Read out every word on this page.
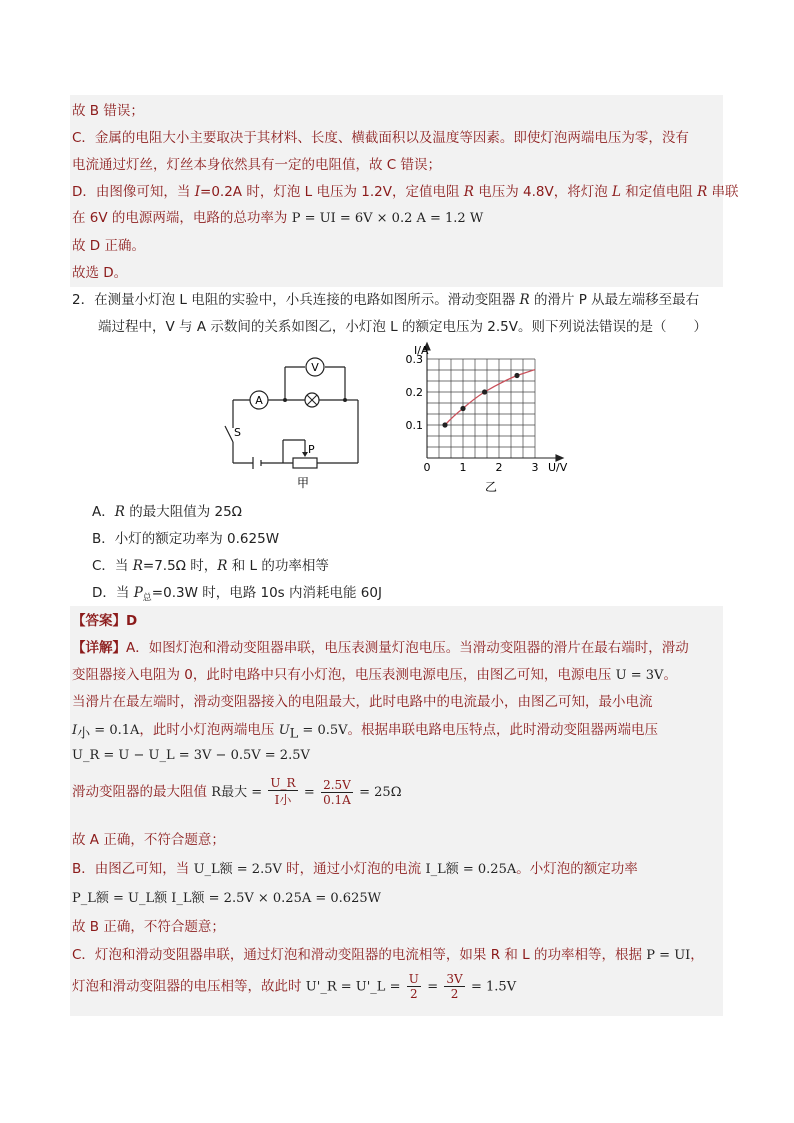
故 B 错误；
C．金属的电阻大小主要取决于其材料、长度、横截面积以及温度等因素。即使灯泡两端电压为零，没有
电流通过灯丝，灯丝本身依然具有一定的电阻值，故 C 错误；
D．由图像可知，当 I=0.2A 时，灯泡 L 电压为 1.2V，定值电阻 R 电压为 4.8V，将灯泡 L 和定值电阻 R 串联
在 6V 的电源两端，电路的总功率为 P = UI = 6V × 0.2 A = 1.2 W
故 D 正确。
故选 D。
2．在测量小灯泡 L 电阻的实验中，小兵连接的电路如图所示。滑动变阻器 R 的滑片 P 从最左端移至最右
端过程中，V 与 A 示数间的关系如图乙，小灯泡 L 的额定电压为 2.5V。则下列说法错误的是（　　）
A
V
S
P
甲
1	2	3
0.1
0.2
0.3
I/A
U/V
0
乙
A．R 的最大阻值为 25Ω
B．小灯的额定功率为 0.625W
C．当 R=7.5Ω 时，R 和 L 的功率相等
D．当 $P_总=0.3W$ 时，电路 10s 内消耗电能 60J
【答案】D
【详解】A．如图灯泡和滑动变阻器串联，电压表测量灯泡电压。当滑动变阻器的滑片在最右端时，滑动
变阻器接入电阻为 0，此时电路中只有小灯泡，电压表测电源电压，由图乙可知，电源电压 U = 3V。
当滑片在最左端时，滑动变阻器接入的电阻最大，此时电路中的电流最小，由图乙可知，最小电流
$I_小 = 0.1A$，此时小灯泡两端电压 $U_L = 0.5V$。根据串联电路电压特点，此时滑动变阻器两端电压
U_R = U − U_L = 3V − 0.5V = 2.5V
滑动变阻器的最大阻值 R最大 = $\frac{U\_R}{\text{I小}} = \frac{2.5V}{0.1A} = 25\Omega$
故 A 正确，不符合题意；
B．由图乙可知，当 U_L额 = 2.5V 时，通过小灯泡的电流 I_L额 = 0.25A。小灯泡的额定功率
P_L额 = U_L额 I_L额 = 2.5V × 0.25A = 0.625W
故 B 正确，不符合题意；
C．灯泡和滑动变阻器串联，通过灯泡和滑动变阻器的电流相等，如果 R 和 L 的功率相等，根据 P = UI，
灯泡和滑动变阻器的电压相等，故此时 U'_R = U'_L = $\frac{U}{2} = \frac{3V}{2} = 1.5V$
